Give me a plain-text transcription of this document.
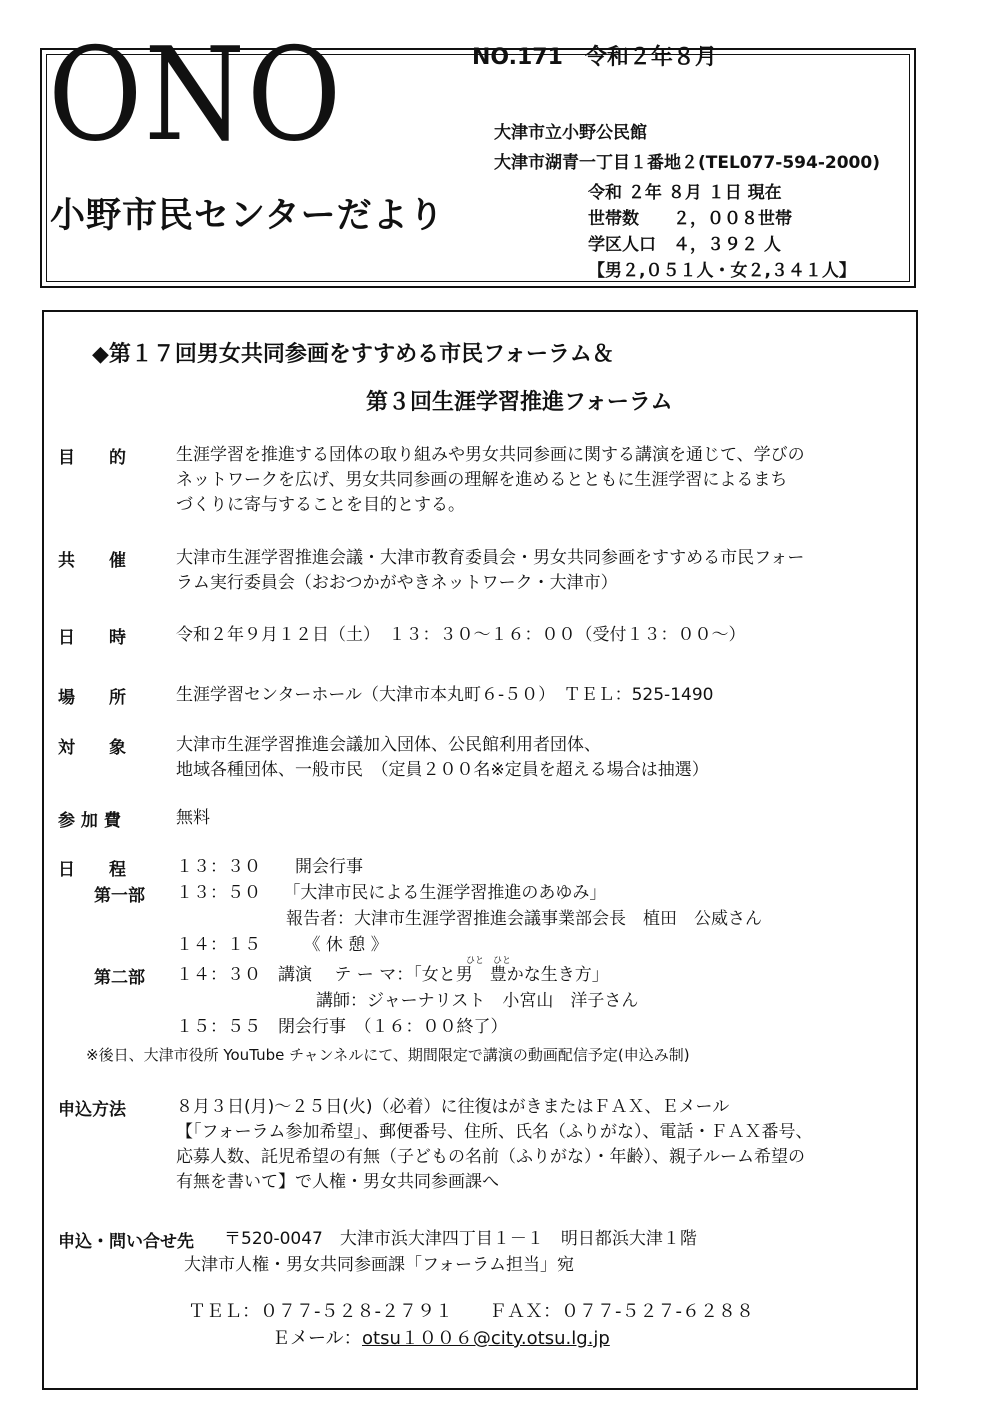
ONO
小野市民センターだより
NO.171　令和２年８月
大津市立小野公民館
大津市湖青一丁目１番地２(TEL077-594-2000)
令和 ２年 ８月 １日 現在
世帯数　　２，００８世帯
学区人口　４，３９２ 人
【男２,０５１人・女２,３４１人】
◆第１７回男女共同参画をすすめる市民フォーラム＆
第３回生涯学習推進フォーラム
目　　的	生涯学習を推進する団体の取り組みや男女共同参画に関する講演を通じて、学びの
ネットワークを広げ、男女共同参画の理解を進めるとともに生涯学習によるまち
づくりに寄与することを目的とする。
共　　催	大津市生涯学習推進会議・大津市教育委員会・男女共同参画をすすめる市民フォー
ラム実行委員会（おおつかがやきネットワーク・大津市）
日　　時	令和２年９月１２日（土）　１３：３０～１６：００（受付１３：００～）
場　　所	生涯学習センターホール（大津市本丸町６-５０）　ＴＥＬ：525-1490
対　　象	大津市生涯学習推進会議加入団体、公民館利用者団体、
地域各種団体、一般市民　（定員２００名※定員を超える場合は抽選）
参 加 費	無料
日　　程	１３：３０　　開会行事
第一部 １３：５０　 「大津市民による生涯学習推進のあゆみ」
報告者：大津市生涯学習推進会議事業部会長　植田　公威さん
１４：１５　　　《 休 憩 》
ひと　ひと
第二部 １４：３０　講演　 テ ー マ：「女と男　豊かな生き方」
講師：ジャーナリスト　小宮山　洋子さん
１５：５５　閉会行事　（１６：００終了）
※後日、大津市役所 YouTube チャンネルにて、期間限定で講演の動画配信予定(申込み制)
申込方法	８月３日(月)～２５日(火)（必着）に往復はがきまたはＦＡＸ、Ｅメール
【「フォーラム参加希望」、郵便番号、住所、氏名（ふりがな）、電話・ＦＡＸ番号、
応募人数、託児希望の有無（子どもの名前（ふりがな）・年齢）、親子ルーム希望の
有無を書いて】で人権・男女共同参画課へ
申込・問い合せ先 〒520-0047　大津市浜大津四丁目１－１　明日都浜大津１階
大津市人権・男女共同参画課「フォーラム担当」宛
ＴＥＬ：０７７-５２８-２７９１　　ＦＡＸ：０７７-５２７-６２８８
Ｅメール： otsu１００６@city.otsu.lg.jp
